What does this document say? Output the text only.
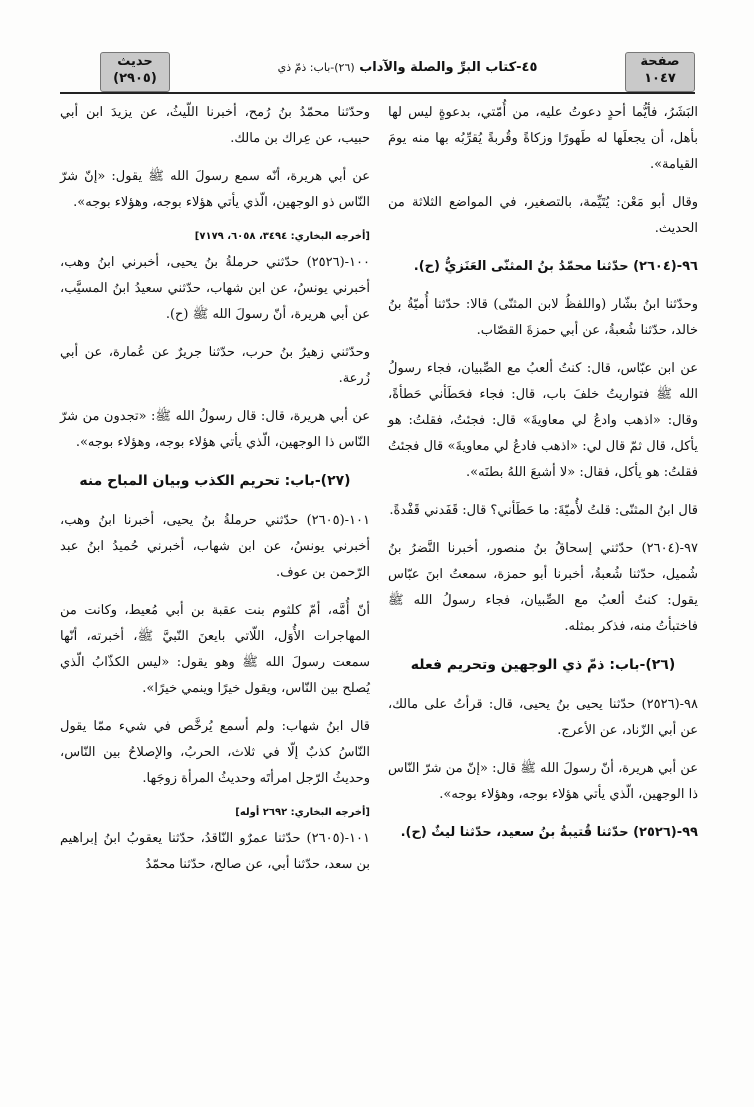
حديث
(٢٩٠٥)
٤٥-كتاب البرِّ والصلة والآداب (٢٦)-باب: ذمّ ذي	صفحة
١٠٤٧

البَشَرُ، فأيُّما أحدٍ دعوتُ عليه، من أُمّتي، بدعوةٍ ليس لها بأهل، أن يجعلَها له طَهورًا وزكاةً وقُربةً يُقرِّبُه بها منه يومَ القيامة».

وقال أبو مَعْن: يُتَيِّمة، بالتصغير، في المواضع الثلاثة من الحديث.

٩٦-(٢٦٠٤) حدّثنا محمّدُ بنُ المثنّى العَنَزيُّ (ح).

وحدّثنا ابنُ بشّار (واللفظُ لابن المثنّى) قالا: حدّثنا أُميّةُ بنُ خالد، حدّثنا شُعبةُ، عن أبي حمزةَ القصّاب.

عن ابن عبّاس، قال: كنتُ ألعبُ مع الصِّبيان، فجاء رسولُ الله ﷺ فتواريتُ خلفَ باب، قال: فجاء فحَطَأني حَطأةً، وقال: «اذهب وادعُ لي معاويةَ» قال: فجئتُ، فقلتُ: هو يأكل، قال ثمّ قال لي: «اذهب فادعُ لي معاويةَ» قال فجئتُ فقلتُ: هو يأكل، فقال: «لا أشبعَ اللهُ بطنَه».

قال ابنُ المثنّى: قلتُ لأُميّةَ: ما حَطَأني؟ قال: قَفَدني قَفْدةً.

٩٧-(٢٦٠٤) حدّثني إسحاقُ بنُ منصور، أخبرنا النَّضرُ بنُ شُميل، حدّثنا شُعبةُ، أخبرنا أبو حمزة، سمعتُ ابنَ عبّاس يقول: كنتُ ألعبُ مع الصِّبيان، فجاء رسولُ الله ﷺ فاختبأتُ منه، فذكر بمثله.

(٢٦)-باب: ذمّ ذي الوجهين وتحريم فعله

٩٨-(٢٥٢٦) حدّثنا يحيى بنُ يحيى، قال: قرأتُ على مالك، عن أبي الزّناد، عن الأعرج.

عن أبي هريرة، أنّ رسولَ الله ﷺ قال: «إنّ من شرّ النّاس ذا الوجهين، الّذي يأتي هؤلاء بوجه، وهؤلاء بوجه».

٩٩-(٢٥٢٦) حدّثنا قُتيبةُ بنُ سعيد، حدّثنا ليثٌ (ح).

وحدّثنا محمّدُ بنُ رُمح، أخبرنا اللّيثُ، عن يزيدَ ابن أبي حبيب، عن عِراك بن مالك.

عن أبي هريرة، أنّه سمع رسولَ الله ﷺ يقول: «إنّ شرّ النّاس ذو الوجهين، الّذي يأتي هؤلاء بوجه، وهؤلاء بوجه».

[أخرجه البخاري: ٣٤٩٤، ٦٠٥٨، ٧١٧٩]

١٠٠-(٢٥٢٦) حدّثني حرملةُ بنُ يحيى، أخبرني ابنُ وهب، أخبرني يونسُ، عن ابن شهاب، حدّثني سعيدُ ابنُ المسيَّب، عن أبي هريرة، أنّ رسولَ الله ﷺ (ح).

وحدّثني زهيرُ بنُ حرب، حدّثنا جريرٌ عن عُمارة، عن أبي زُرعة.

عن أبي هريرة، قال: قال رسولُ الله ﷺ: «تجدون من شرّ النّاس ذا الوجهين، الّذي يأتي هؤلاء بوجه، وهؤلاء بوجه».

(٢٧)-باب: تحريم الكذب وبيان المباح منه

١٠١-(٢٦٠٥) حدّثني حرملةُ بنُ يحيى، أخبرنا ابنُ وهب، أخبرني يونسُ، عن ابن شهاب، أخبرني حُميدُ ابنُ عبد الرّحمن بن عوف.

أنّ أُمَّه، أمّ كلثوم بنت عقبة بن أبي مُعيط، وكانت من المهاجرات الأُوَل، اللّاتي بايعنَ النّبيَّ ﷺ، أخبرته، أنّها سمعت رسولَ الله ﷺ وهو يقول: «ليس الكذّابُ الّذي يُصلح بين النّاس، ويقول خيرًا وينمي خيرًا».

قال ابنُ شهاب: ولم أسمع يُرخَّص في شيء ممّا يقول النّاسُ كذبٌ إلّا في ثلاث، الحربُ، والإصلاحُ بين النّاس، وحديثُ الرّجل امرأتَه وحديثُ المرأة زوجَها.

[أخرجه البخاري: ٢٦٩٢ أوله]

١٠١-(٢٦٠٥) حدّثنا عمرٌو النّاقدُ، حدّثنا يعقوبُ ابنُ إبراهيم بن سعد، حدّثنا أبي، عن صالح، حدّثنا محمّدُ
